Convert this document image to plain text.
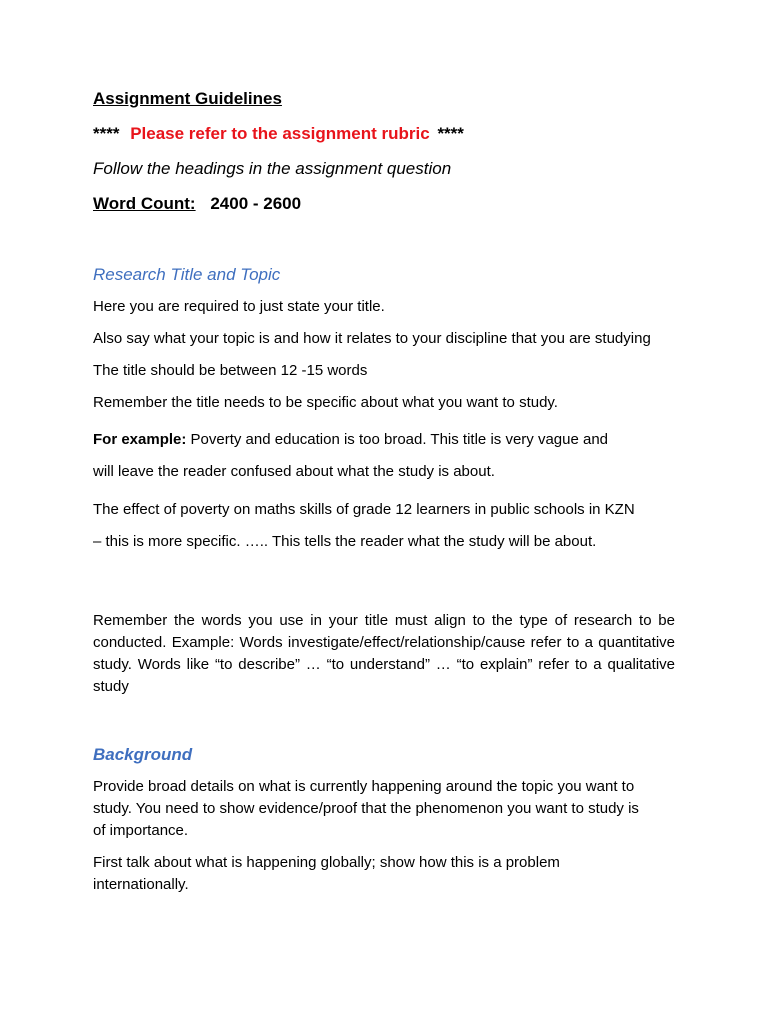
Assignment Guidelines
**** Please refer to the assignment rubric ****
Follow the headings in the assignment question
Word Count: 2400 - 2600
Research Title and Topic
Here you are required to just state your title.
Also say what your topic is and how it relates to your discipline that you are studying
The title should be between 12 -15 words
Remember the title needs to be specific about what you want to study.
For example: Poverty and education is too broad. This title is very vague and
will leave the reader confused about what the study is about.
The effect of poverty on maths skills of grade 12 learners in public schools in KZN
– this is more specific. ….. This tells the reader what the study will be about.
Remember the words you use in your title must align to the type of research to be conducted. Example: Words investigate/effect/relationship/cause refer to a quantitative study. Words like “to describe” … “to understand” … “to explain” refer to a qualitative study
Background
Provide broad details on what is currently happening around the topic you want to study. You need to show evidence/proof that the phenomenon you want to study is of importance.
First talk about what is happening globally; show how this is a problem internationally.
